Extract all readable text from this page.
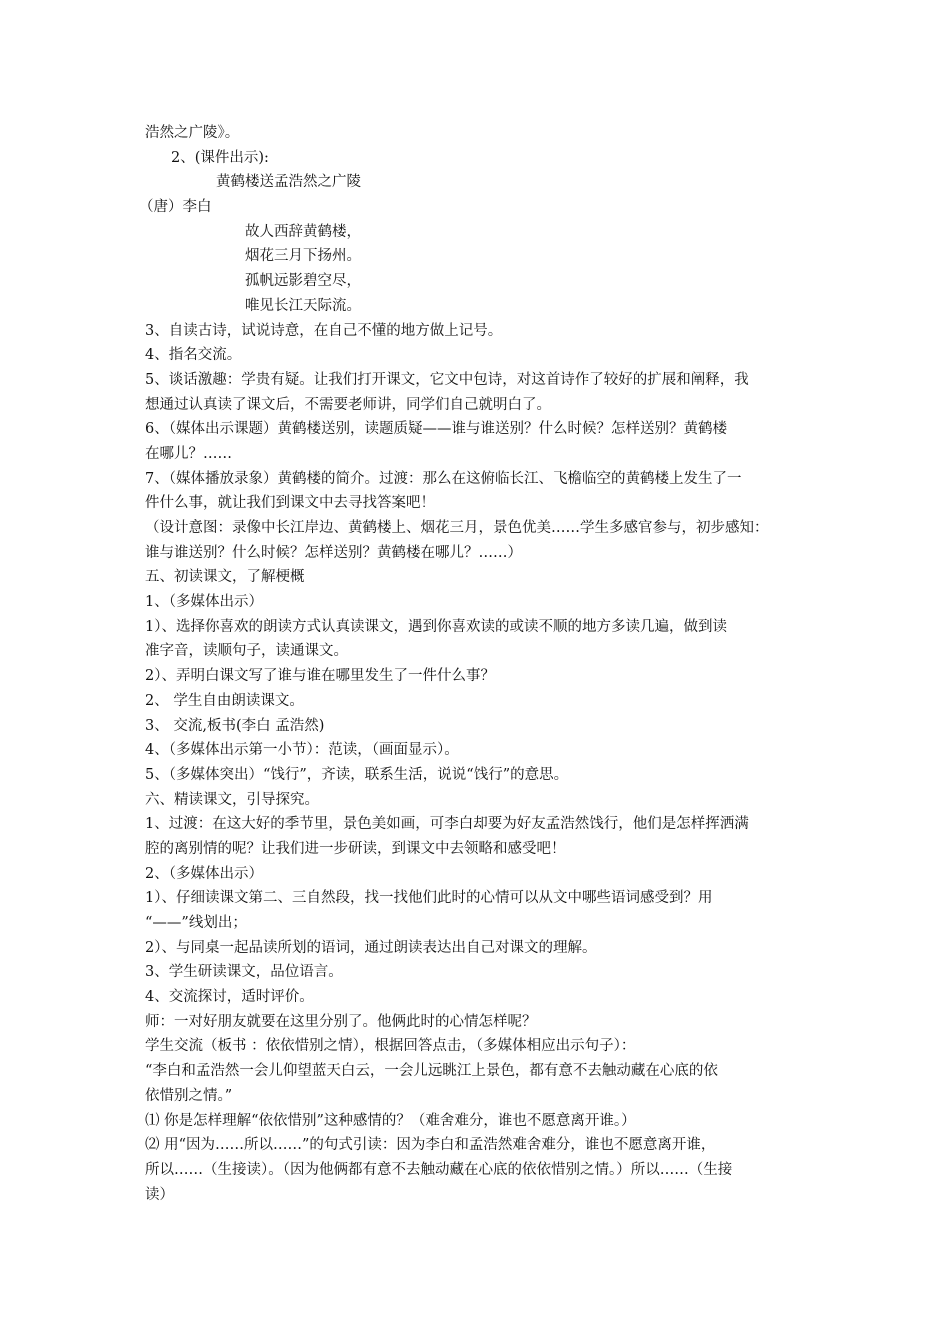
浩然之广陵》。
2、(课件出示):
黄鹤楼送孟浩然之广陵
（唐）李白
故人西辞黄鹤楼，
烟花三月下扬州。
孤帆远影碧空尽，
唯见长江天际流。
3、自读古诗，试说诗意，在自己不懂的地方做上记号。
4、指名交流。
5、谈话激趣：学贵有疑。让我们打开课文，它文中包诗，对这首诗作了较好的扩展和阐释，我
想通过认真读了课文后，不需要老师讲，同学们自己就明白了。
6、（媒体出示课题）黄鹤楼送别，读题质疑——谁与谁送别？什么时候？怎样送别？黄鹤楼
在哪儿？……
7、（媒体播放录象）黄鹤楼的简介。过渡：那么在这俯临长江、飞檐临空的黄鹤楼上发生了一
件什么事，就让我们到课文中去寻找答案吧！
（设计意图：录像中长江岸边、黄鹤楼上、烟花三月，景色优美……学生多感官参与，初步感知：
谁与谁送别？什么时候？怎样送别？黄鹤楼在哪儿？……）
五、初读课文，了解梗概
1、（多媒体出示）
1）、选择你喜欢的朗读方式认真读课文，遇到你喜欢读的或读不顺的地方多读几遍，做到读
准字音，读顺句子，读通课文。
2）、弄明白课文写了谁与谁在哪里发生了一件什么事？
2、 学生自由朗读课文。
3、 交流,板书(李白 孟浩然)
4、（多媒体出示第一小节）：范读，（画面显示）。
5、（多媒体突出）“饯行”，齐读，联系生活，说说“饯行”的意思。
六、精读课文，引导探究。
1、过渡：在这大好的季节里，景色美如画，可李白却要为好友孟浩然饯行，他们是怎样挥洒满
腔的离别情的呢？让我们进一步研读，到课文中去领略和感受吧！
2、（多媒体出示）
1）、仔细读课文第二、三自然段，找一找他们此时的心情可以从文中哪些语词感受到？用
“——”线划出；
2）、与同桌一起品读所划的语词，通过朗读表达出自己对课文的理解。
3、学生研读课文，品位语言。
4、交流探讨，适时评价。
师：一对好朋友就要在这里分别了。他俩此时的心情怎样呢？
学生交流（板书 ：依依惜别之情），根据回答点击，（多媒体相应出示句子）：
“李白和孟浩然一会儿仰望蓝天白云，一会儿远眺江上景色，都有意不去触动藏在心底的依
依惜别之情。”
⑴ 你是怎样理解“依依惜别”这种感情的？（难舍难分，谁也不愿意离开谁。）
⑵ 用“因为……所以……”的句式引读：因为李白和孟浩然难舍难分，谁也不愿意离开谁，
所以……（生接读）。（因为他俩都有意不去触动藏在心底的依依惜别之情。）所以……（生接
读）
